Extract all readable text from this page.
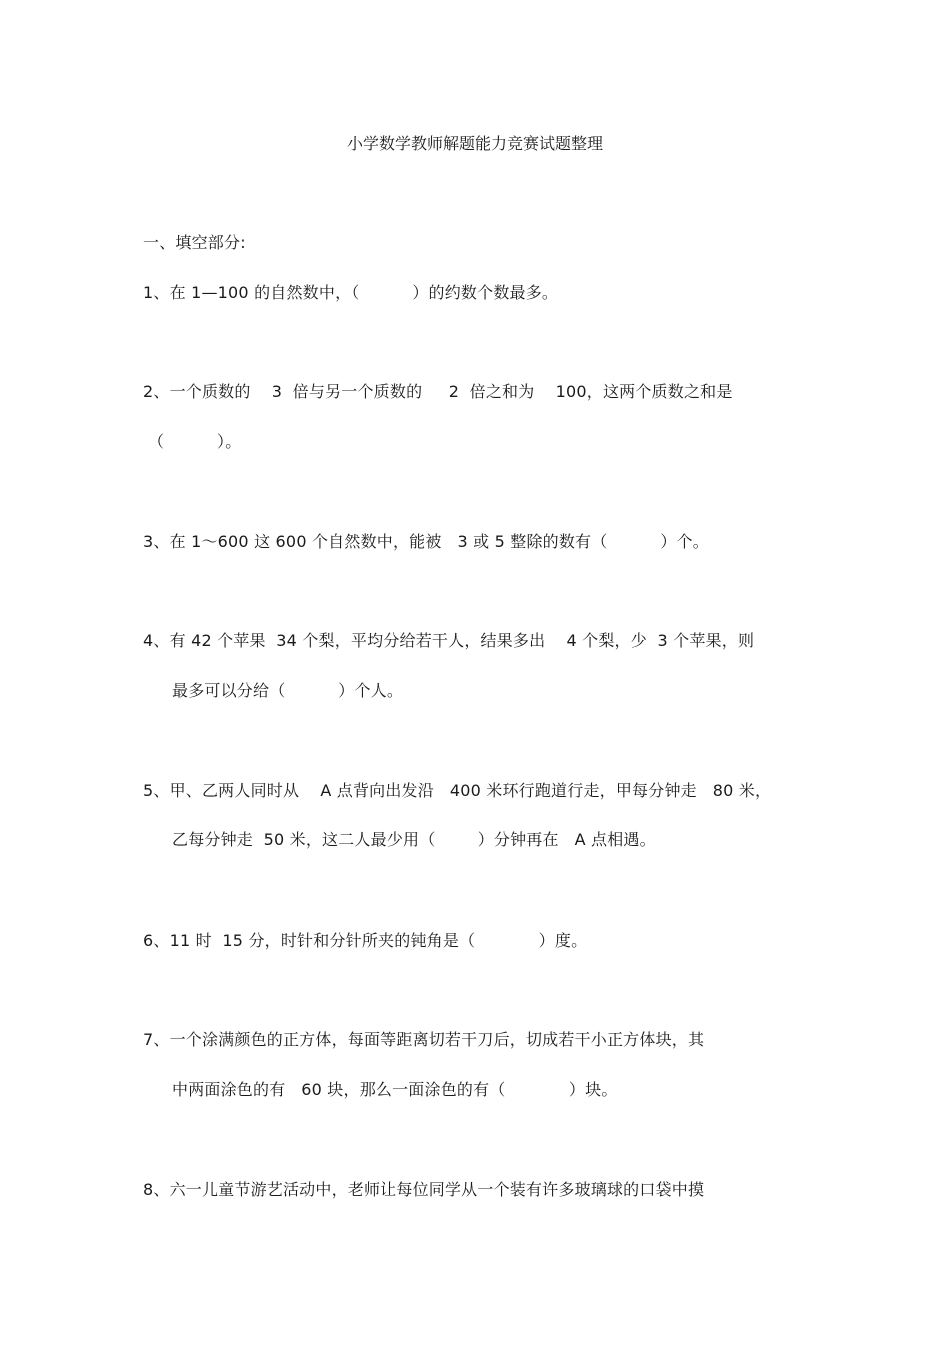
小学数学教师解题能力竞赛试题整理
一、填空部分:
1、在 1—100 的自然数中，（          ）的约数个数最多。
2、一个质数的    3  倍与另一个质数的     2  倍之和为    100，这两个质数之和是
（          ）。
3、在 1～600 这 600 个自然数中，能被   3 或 5 整除的数有（          ）个。
4、有 42 个苹果  34 个梨，平均分给若干人，结果多出    4 个梨，少  3 个苹果，则
最多可以分给（          ）个人。
5、甲、乙两人同时从    A 点背向出发沿   400 米环行跑道行走，甲每分钟走   80 米，
乙每分钟走  50 米，这二人最少用（        ）分钟再在   A 点相遇。
6、11 时  15 分，时针和分针所夹的钝角是（            ）度。
7、一个涂满颜色的正方体，每面等距离切若干刀后，切成若干小正方体块，其
中两面涂色的有   60 块，那么一面涂色的有（            ）块。
8、六一儿童节游艺活动中，老师让每位同学从一个装有许多玻璃球的口袋中摸
